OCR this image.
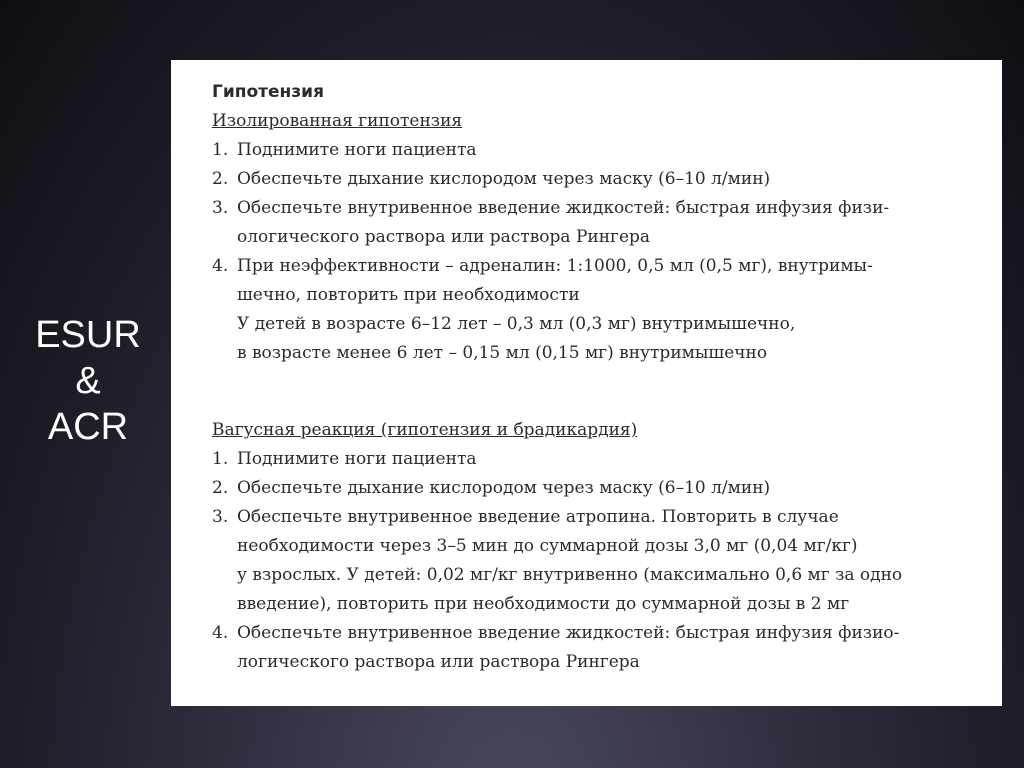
ESUR
&
ACR

Гипотензия

Изолированная гипотензия

1. Поднимите ноги пациента
2. Обеспечьте дыхание кислородом через маску (6–10 л/мин)
3. Обеспечьте внутривенное введение жидкостей: быстрая инфузия физи-
ологического раствора или раствора Рингера
4. При неэффективности – адреналин: 1:1000, 0,5 мл (0,5 мг), внутримы-
шечно, повторить при необходимости
У детей в возрасте 6–12 лет – 0,3 мл (0,3 мг) внутримышечно,
в возрасте менее 6 лет – 0,15 мл (0,15 мг) внутримышечно

Вагусная реакция (гипотензия и брадикардия)

1. Поднимите ноги пациента
2. Обеспечьте дыхание кислородом через маску (6–10 л/мин)
3. Обеспечьте внутривенное введение атропина. Повторить в случае
необходимости через 3–5 мин до суммарной дозы 3,0 мг (0,04 мг/кг)
у взрослых. У детей: 0,02 мг/кг внутривенно (максимально 0,6 мг за одно
введение), повторить при необходимости до суммарной дозы в 2 мг
4. Обеспечьте внутривенное введение жидкостей: быстрая инфузия физио-
логического раствора или раствора Рингера
